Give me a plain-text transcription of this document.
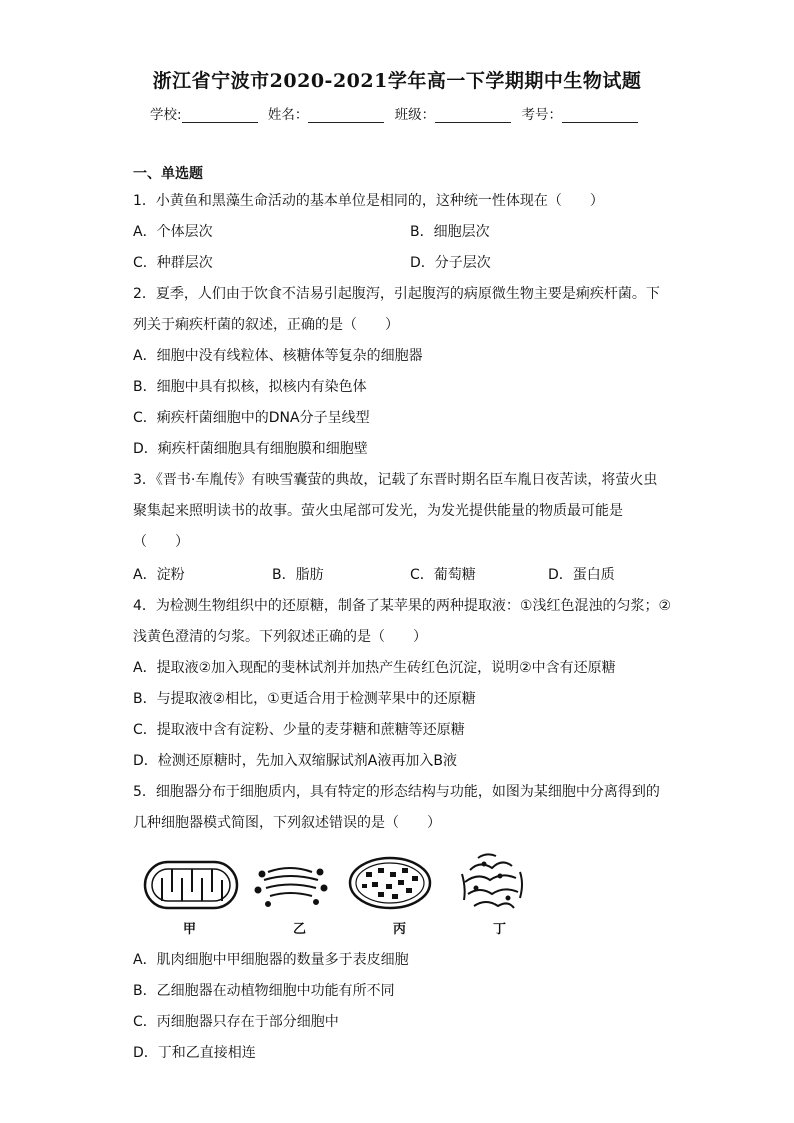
浙江省宁波市2020-2021学年高一下学期期中生物试题
学校:	姓名：	班级：	考号：
一、单选题
1．小黄鱼和黑藻生命活动的基本单位是相同的，这种统一性体现在（　　）
A．个体层次	B．细胞层次
C．种群层次	D．分子层次
2．夏季，人们由于饮食不洁易引起腹泻，引起腹泻的病原微生物主要是痢疾杆菌。下
列关于痢疾杆菌的叙述，正确的是（　　）
A．细胞中没有线粒体、核糖体等复杂的细胞器
B．细胞中具有拟核，拟核内有染色体
C．痢疾杆菌细胞中的DNA分子呈线型
D．痢疾杆菌细胞具有细胞膜和细胞壁
3．《晋书·车胤传》有映雪囊萤的典故，记载了东晋时期名臣车胤日夜苦读，将萤火虫
聚集起来照明读书的故事。萤火虫尾部可发光，为发光提供能量的物质最可能是
（　　）
A．淀粉	B．脂肪	C．葡萄糖	D．蛋白质
4．为检测生物组织中的还原糖，制备了某苹果的两种提取液：①浅红色混浊的匀浆；②
浅黄色澄清的匀浆。下列叙述正确的是（　　）
A．提取液②加入现配的斐林试剂并加热产生砖红色沉淀，说明②中含有还原糖
B．与提取液②相比，①更适合用于检测苹果中的还原糖
C．提取液中含有淀粉、少量的麦芽糖和蔗糖等还原糖
D．检测还原糖时，先加入双缩脲试剂A液再加入B液
5．细胞器分布于细胞质内，具有特定的形态结构与功能，如图为某细胞中分离得到的
几种细胞器模式简图，下列叙述错误的是（　　）
甲	乙	丙	丁
A．肌肉细胞中甲细胞器的数量多于表皮细胞
B．乙细胞器在动植物细胞中功能有所不同
C．丙细胞器只存在于部分细胞中
D．丁和乙直接相连
